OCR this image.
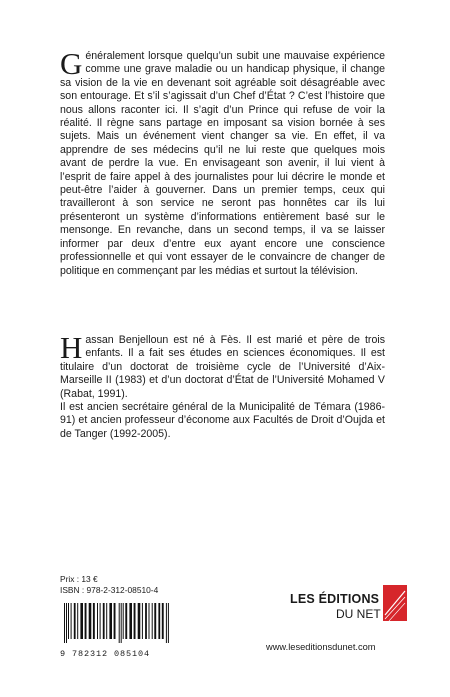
Généralement lorsque quelqu’un subit une mauvaise expérience comme une grave maladie ou un handicap physique, il change sa vision de la vie en devenant soit agréable soit désagréable avec son entourage. Et s’il s’agissait d’un Chef d’État ? C’est l’histoire que nous allons raconter ici. Il s’agit d’un Prince qui refuse de voir la réalité. Il règne sans partage en imposant sa vision bornée à ses sujets. Mais un événement vient changer sa vie. En effet, il va apprendre de ses médecins qu’il ne lui reste que quelques mois avant de perdre la vue. En envisageant son avenir, il lui vient à l’esprit de faire appel à des journalistes pour lui décrire le monde et peut-être l’aider à gouverner. Dans un premier temps, ceux qui travailleront à son service ne seront pas honnêtes car ils lui présenteront un système d’informations entièrement basé sur le mensonge. En revanche, dans un second temps, il va se laisser informer par deux d’entre eux ayant encore une conscience professionnelle et qui vont essayer de le convaincre de changer de politique en commençant par les médias et surtout la télévision.

Hassan Benjelloun est né à Fès. Il est marié et père de trois enfants. Il a fait ses études en sciences économiques. Il est titulaire d’un doctorat de troisième cycle de l’Université d’Aix-Marseille II (1983) et d’un doctorat d’État de l’Université Mohamed V (Rabat, 1991).

Il est ancien secrétaire général de la Municipalité de Témara (1986-91) et ancien professeur d’économe aux Facultés de Droit d’Oujda et de Tanger (1992-2005).

Prix : 13 €
ISBN : 978-2-312-08510-4
9 782312 085104
LES ÉDITIONS
DU NET
www.leseditionsdunet.com
